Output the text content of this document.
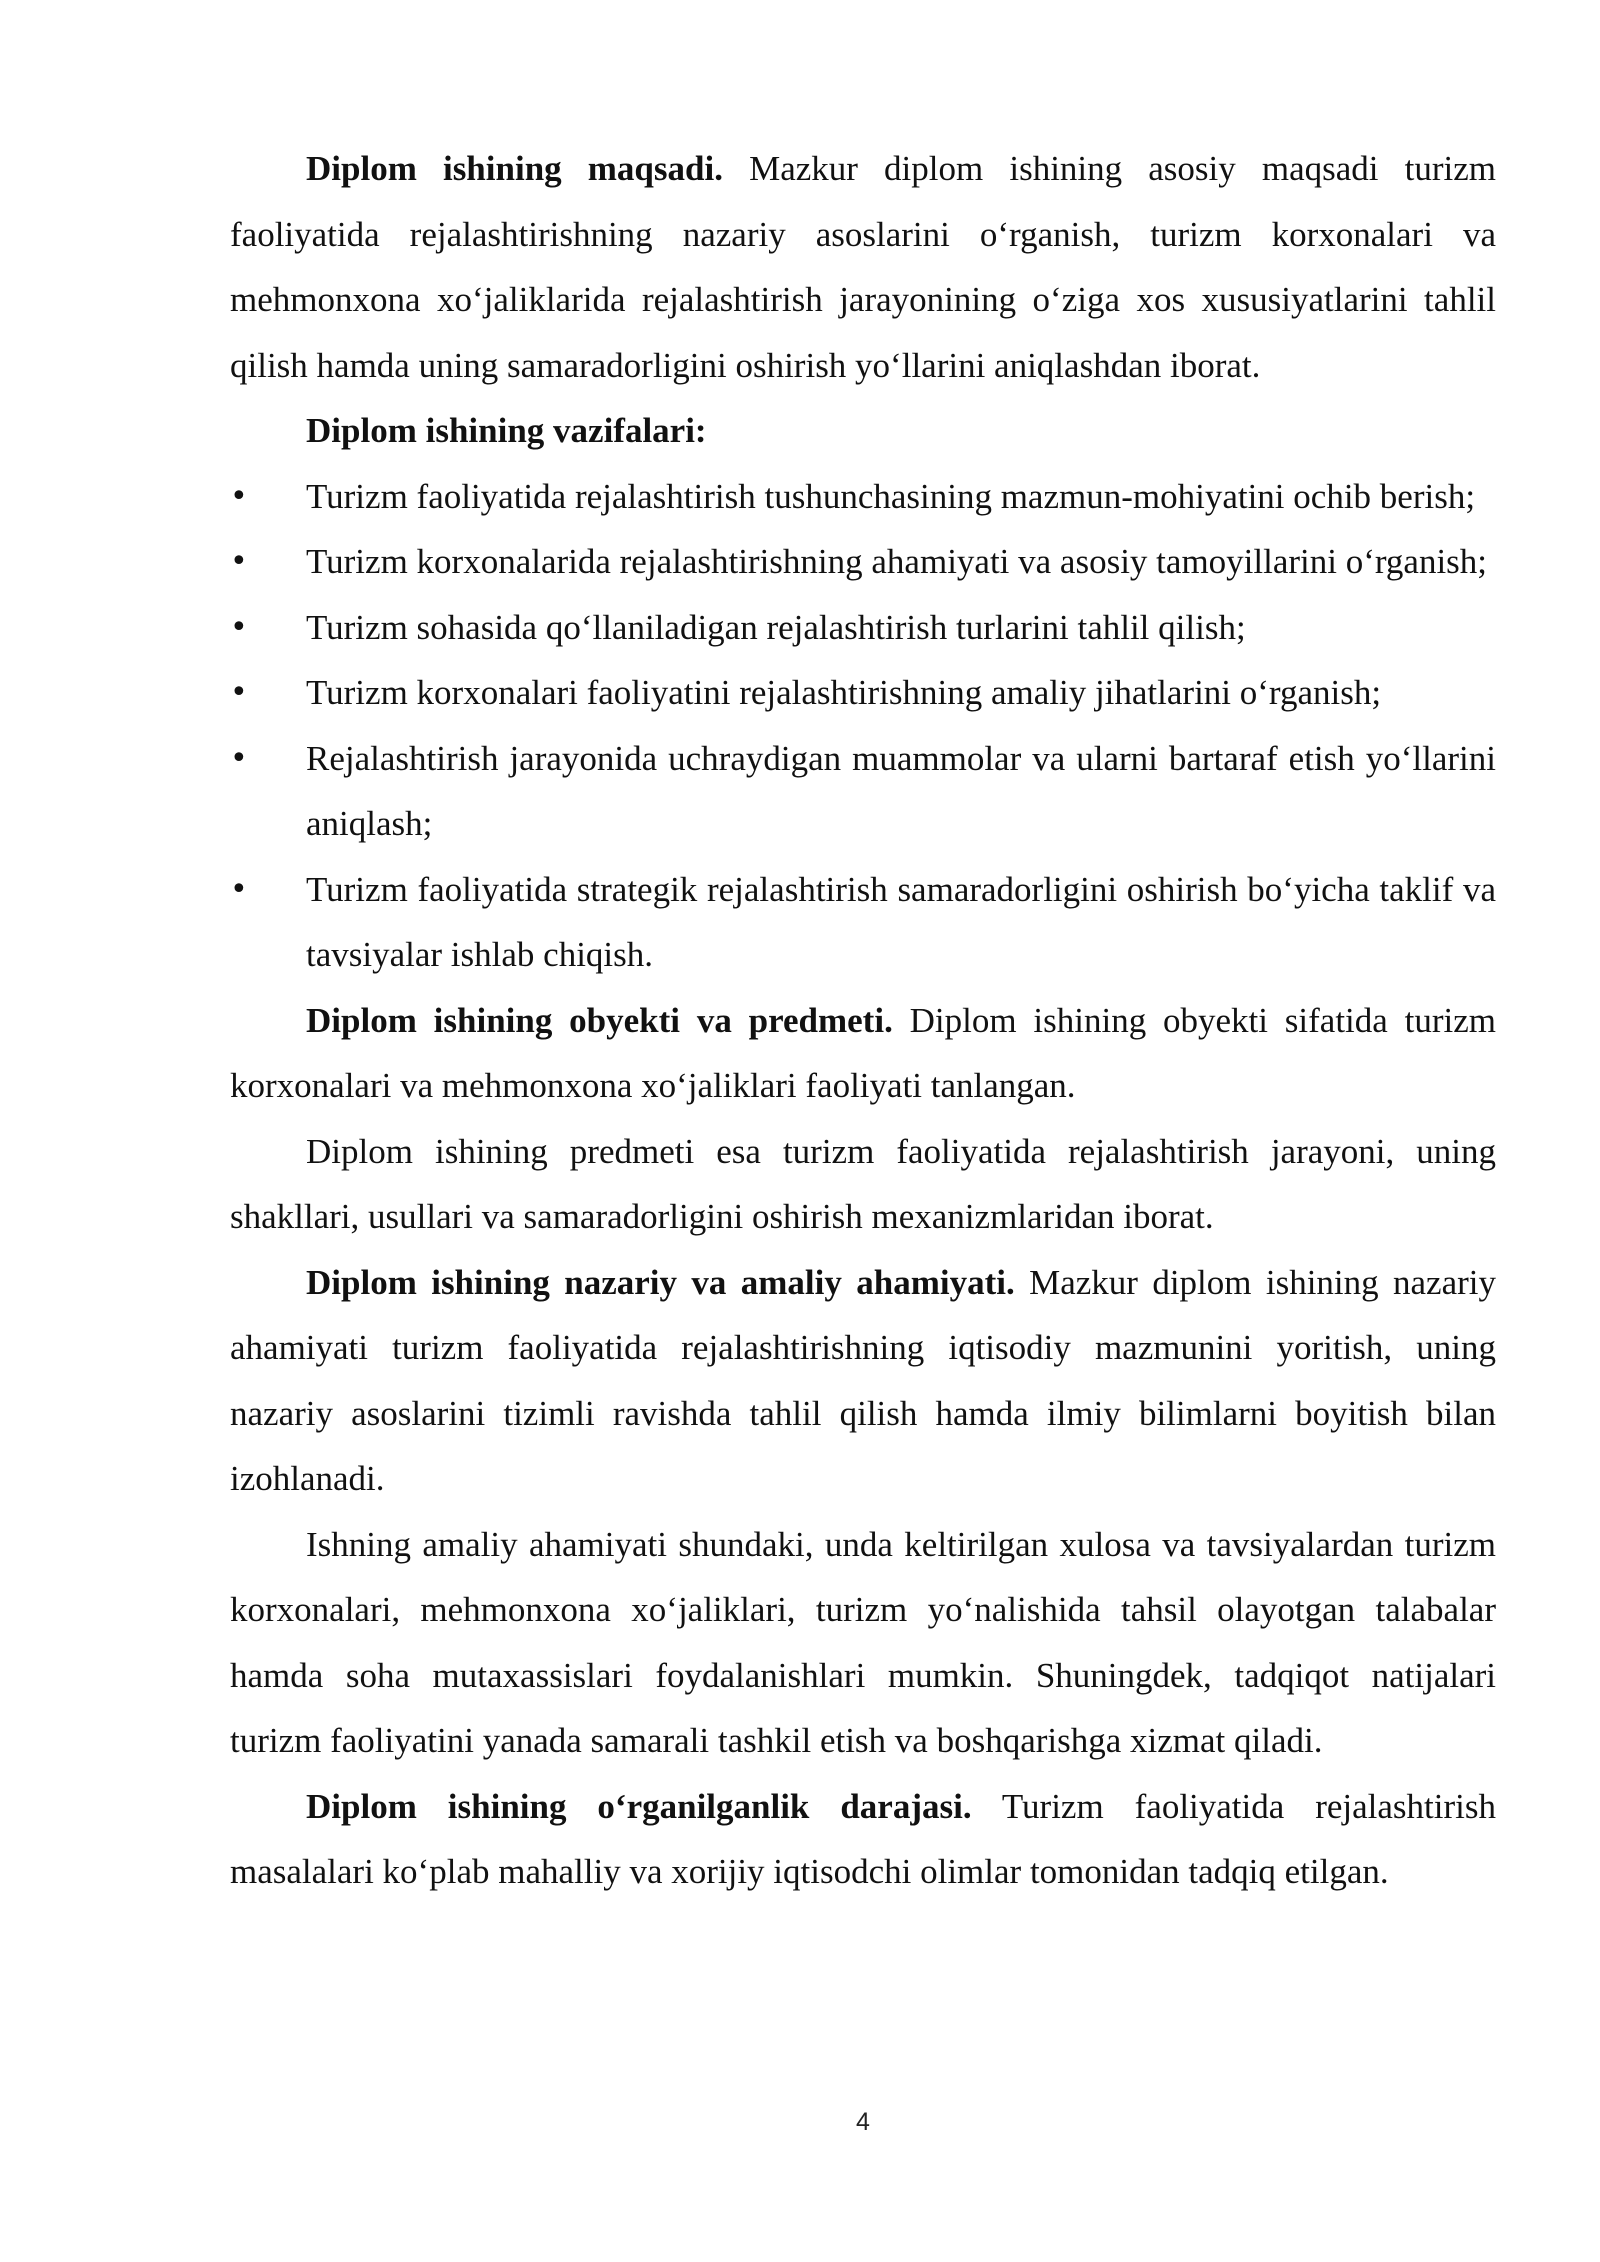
Diplom ishining maqsadi. Mazkur diplom ishining asosiy maqsadi turizm faoliyatida rejalashtirishning nazariy asoslarini o‘rganish, turizm korxonalari va mehmonxona xo‘jaliklarida rejalashtirish jarayonining o‘ziga xos xususiyatlarini tahlil qilish hamda uning samaradorligini oshirish yo‘llarini aniqlashdan iborat.

Diplom ishining vazifalari:

• Turizm faoliyatida rejalashtirish tushunchasining mazmun-mohiyatini ochib berish;
• Turizm korxonalarida rejalashtirishning ahamiyati va asosiy tamoyillarini o‘rganish;
• Turizm sohasida qo‘llaniladigan rejalashtirish turlarini tahlil qilish;
• Turizm korxonalari faoliyatini rejalashtirishning amaliy jihatlarini o‘rganish;
• Rejalashtirish jarayonida uchraydigan muammolar va ularni bartaraf etish yo‘llarini aniqlash;
• Turizm faoliyatida strategik rejalashtirish samaradorligini oshirish bo‘yicha taklif va tavsiyalar ishlab chiqish.

Diplom ishining obyekti va predmeti. Diplom ishining obyekti sifatida turizm korxonalari va mehmonxona xo‘jaliklari faoliyati tanlangan.

Diplom ishining predmeti esa turizm faoliyatida rejalashtirish jarayoni, uning shakllari, usullari va samaradorligini oshirish mexanizmlaridan iborat.

Diplom ishining nazariy va amaliy ahamiyati. Mazkur diplom ishining nazariy ahamiyati turizm faoliyatida rejalashtirishning iqtisodiy mazmunini yoritish, uning nazariy asoslarini tizimli ravishda tahlil qilish hamda ilmiy bilimlarni boyitish bilan izohlanadi.

Ishning amaliy ahamiyati shundaki, unda keltirilgan xulosa va tavsiyalardan turizm korxonalari, mehmonxona xo‘jaliklari, turizm yo‘nalishida tahsil olayotgan talabalar hamda soha mutaxassislari foydalanishlari mumkin. Shuningdek, tadqiqot natijalari turizm faoliyatini yanada samarali tashkil etish va boshqarishga xizmat qiladi.

Diplom ishining o‘rganilganlik darajasi. Turizm faoliyatida rejalashtirish masalalari ko‘plab mahalliy va xorijiy iqtisodchi olimlar tomonidan tadqiq etilgan.

4
